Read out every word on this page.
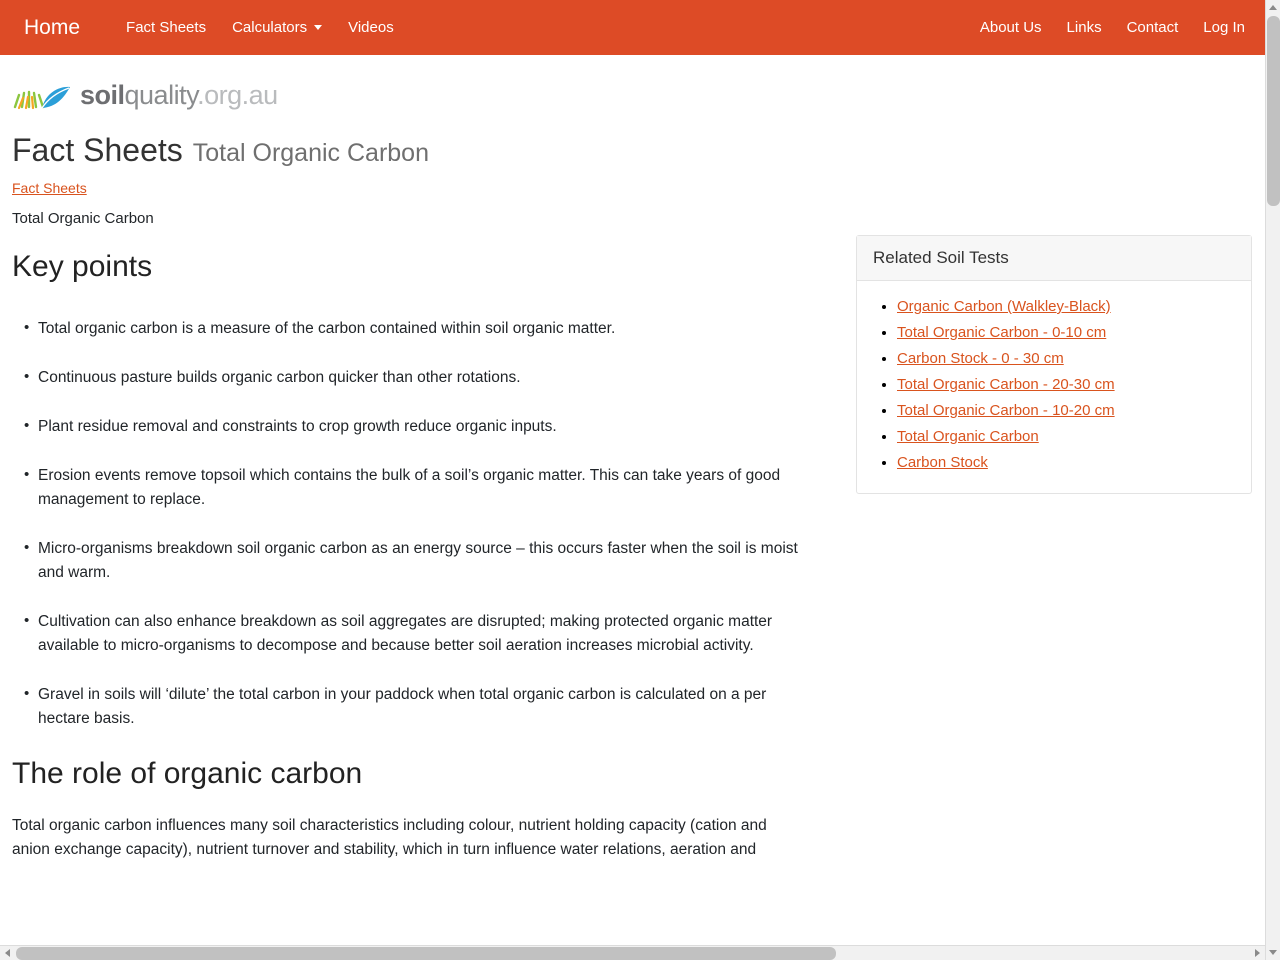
Home	Fact Sheets Calculators	Videos	About Us Links Contact Log In
soilquality.org.au
Fact Sheets Total Organic Carbon
Fact Sheets
Total Organic Carbon
Key points
• Total organic carbon is a measure of the carbon contained within soil organic matter.
• Continuous pasture builds organic carbon quicker than other rotations.
• Plant residue removal and constraints to crop growth reduce organic inputs.
• Erosion events remove topsoil which contains the bulk of a soil’s organic matter. This can take years of good management to replace.
• Micro-organisms breakdown soil organic carbon as an energy source – this occurs faster when the soil is moist and warm.
• Cultivation can also enhance breakdown as soil aggregates are disrupted; making protected organic matter available to micro-organisms to decompose and because better soil aeration increases microbial activity.
• Gravel in soils will ‘dilute’ the total carbon in your paddock when total organic carbon is calculated on a per hectare basis.
The role of organic carbon

Total organic carbon influences many soil characteristics including colour, nutrient holding capacity (cation and anion exchange capacity), nutrient turnover and stability, which in turn influence water relations, aeration and

Related Soil Tests
• Organic Carbon (Walkley-Black)
• Total Organic Carbon - 0-10 cm
• Carbon Stock - 0 - 30 cm
• Total Organic Carbon - 20-30 cm
• Total Organic Carbon - 10-20 cm
• Total Organic Carbon
• Carbon Stock
